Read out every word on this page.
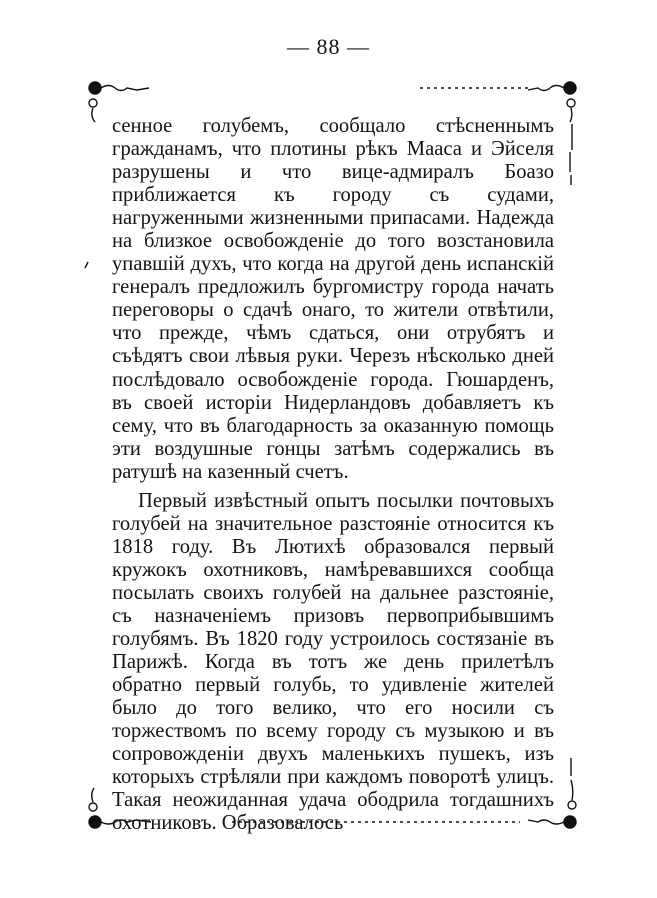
— 88 —

сенное голубемъ, сообщало стѣсненнымъ гражданамъ, что плотины рѣкъ Мааса и Эйселя разрушены и что вице-адмиралъ Боазо приближается къ городу съ судами, нагруженными жизненными припасами. Надежда на близкое освобожденіе до того возстановила упавшій духъ, что когда на другой день испанскій генералъ предложилъ бургомистру города начать переговоры о сдачѣ онаго, то жители отвѣтили, что прежде, чѣмъ сдаться, они отрубятъ и съѣдятъ свои лѣвыя руки. Черезъ нѣсколько дней послѣдовало освобожденіе города. Гюшарденъ, въ своей исторіи Нидерландовъ добавляетъ къ сему, что въ благодарность за оказанную помощь эти воздушные гонцы затѣмъ содержались въ ратушѣ на казенный счетъ.

Первый извѣстный опытъ посылки почтовыхъ голубей на значительное разстояніе относится къ 1818 году. Въ Лютихѣ образовался первый кружокъ охотниковъ, намѣревавшихся сообща посылать своихъ голубей на дальнее разстояніе, съ назначеніемъ призовъ первоприбывшимъ голубямъ. Въ 1820 году устроилось состязаніе въ Парижѣ. Когда въ тотъ же день прилетѣлъ обратно первый голубь, то удивленіе жителей было до того велико, что его носили съ торжествомъ по всему городу съ музыкою и въ сопровожденіи двухъ маленькихъ пушекъ, изъ которыхъ стрѣляли при каждомъ поворотѣ улицъ. Такая неожиданная удача ободрила тогдашнихъ охотниковъ. Образовалось
